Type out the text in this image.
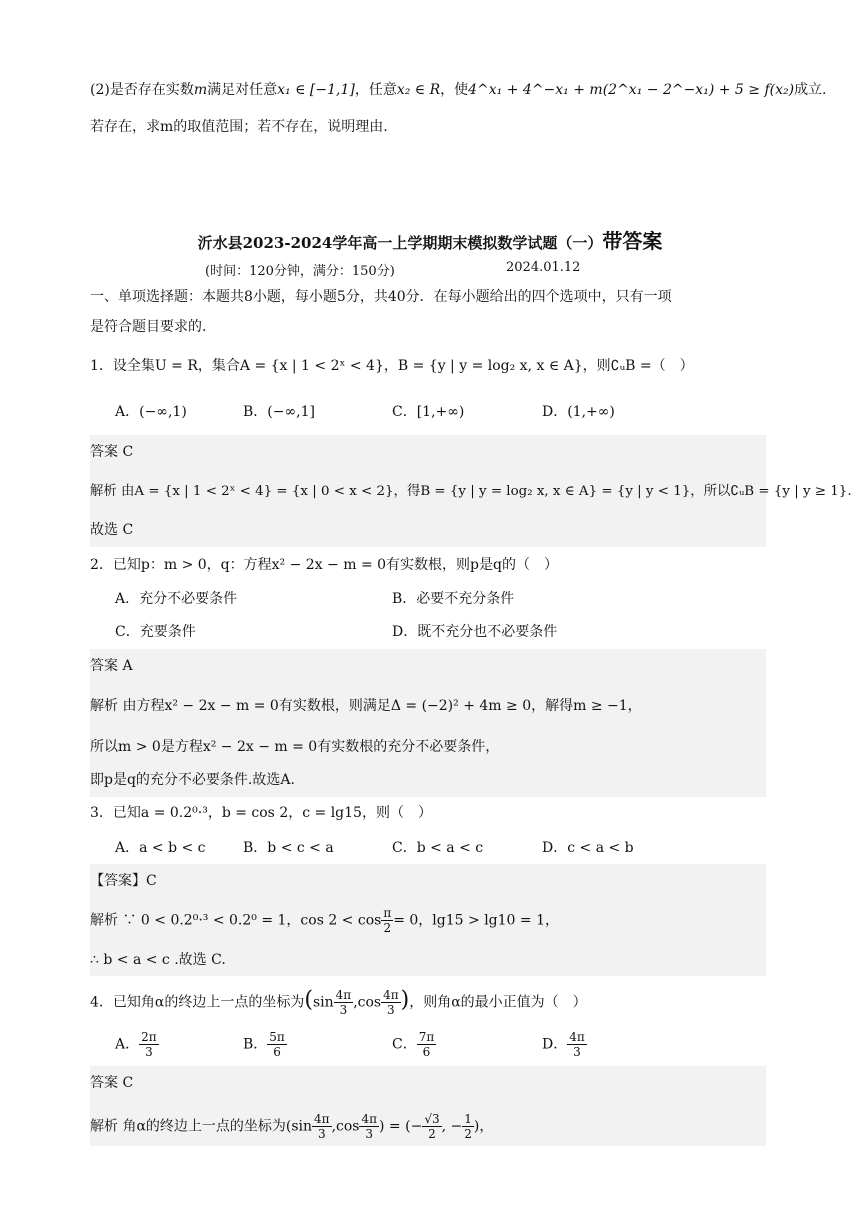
(2)是否存在实数m满足对任意x₁ ∈ [−1,1]，任意x₂ ∈ R，使4^x₁ + 4^−x₁ + m(2^x₁ − 2^−x₁) + 5 ≥ f(x₂)成立.
若存在，求m的取值范围；若不存在，说明理由.
沂水县2023-2024学年高一上学期期末模拟数学试题（一）带答案
(时间：120分钟，满分：150分)	2024.01.12
一、单项选择题：本题共8小题，每小题5分，共40分．在每小题给出的四个选项中，只有一项
是符合题目要求的.
1．设全集U = R，集合A = {x | 1 < 2ˣ < 4}，B = {y | y = log₂ x, x ∈ A}，则∁ᵤB =（　）
A．(−∞,1)	B．(−∞,1]	C．[1,+∞)	D．(1,+∞)
答案 C
解析 由A = {x | 1 < 2ˣ < 4} = {x | 0 < x < 2}，得B = {y | y = log₂ x, x ∈ A} = {y | y < 1}，所以∁ᵤB = {y | y ≥ 1}.
故选 C
2．已知p：m > 0，q：方程x² − 2x − m = 0有实数根，则p是q的（　）
A．充分不必要条件	B．必要不充分条件
C．充要条件	D．既不充分也不必要条件
答案 A
解析 由方程x² − 2x − m = 0有实数根，则满足Δ = (−2)² + 4m ≥ 0，解得m ≥ −1，
所以m > 0是方程x² − 2x − m = 0有实数根的充分不必要条件，
即p是q的充分不必要条件.故选A.
3．已知a = 0.2⁰·³，b = cos 2，c = lg15，则（　）
A．a < b < c	B．b < c < a	C．b < a < c	D．c < a < b
【答案】C
解析 ∵ 0 < 0.2⁰·³ < 0.2⁰ = 1，$\cos 2 < \cos \frac{\pi}{2} = 0$，lg15 > lg10 = 1，
∴ b < a < c .故选 C.
4．已知角α的终边上一点的坐标为($\sin \frac{4\pi}{3} ,\cos \frac{4\pi}{3}$ )，则角α的最小正值为（　）
A． $\frac{2\pi}{3}$	B． $\frac{5\pi}{6}$	C． $\frac{7\pi}{6}$	D． $\frac{4\pi}{3}$
答案 C
解析 角α的终边上一点的坐标为($\sin \frac{4\pi}{3} ,\cos \frac{4\pi}{3}$ ) = (− $\frac{√3}{2}$ , − $\frac{1}{2}$ )，
